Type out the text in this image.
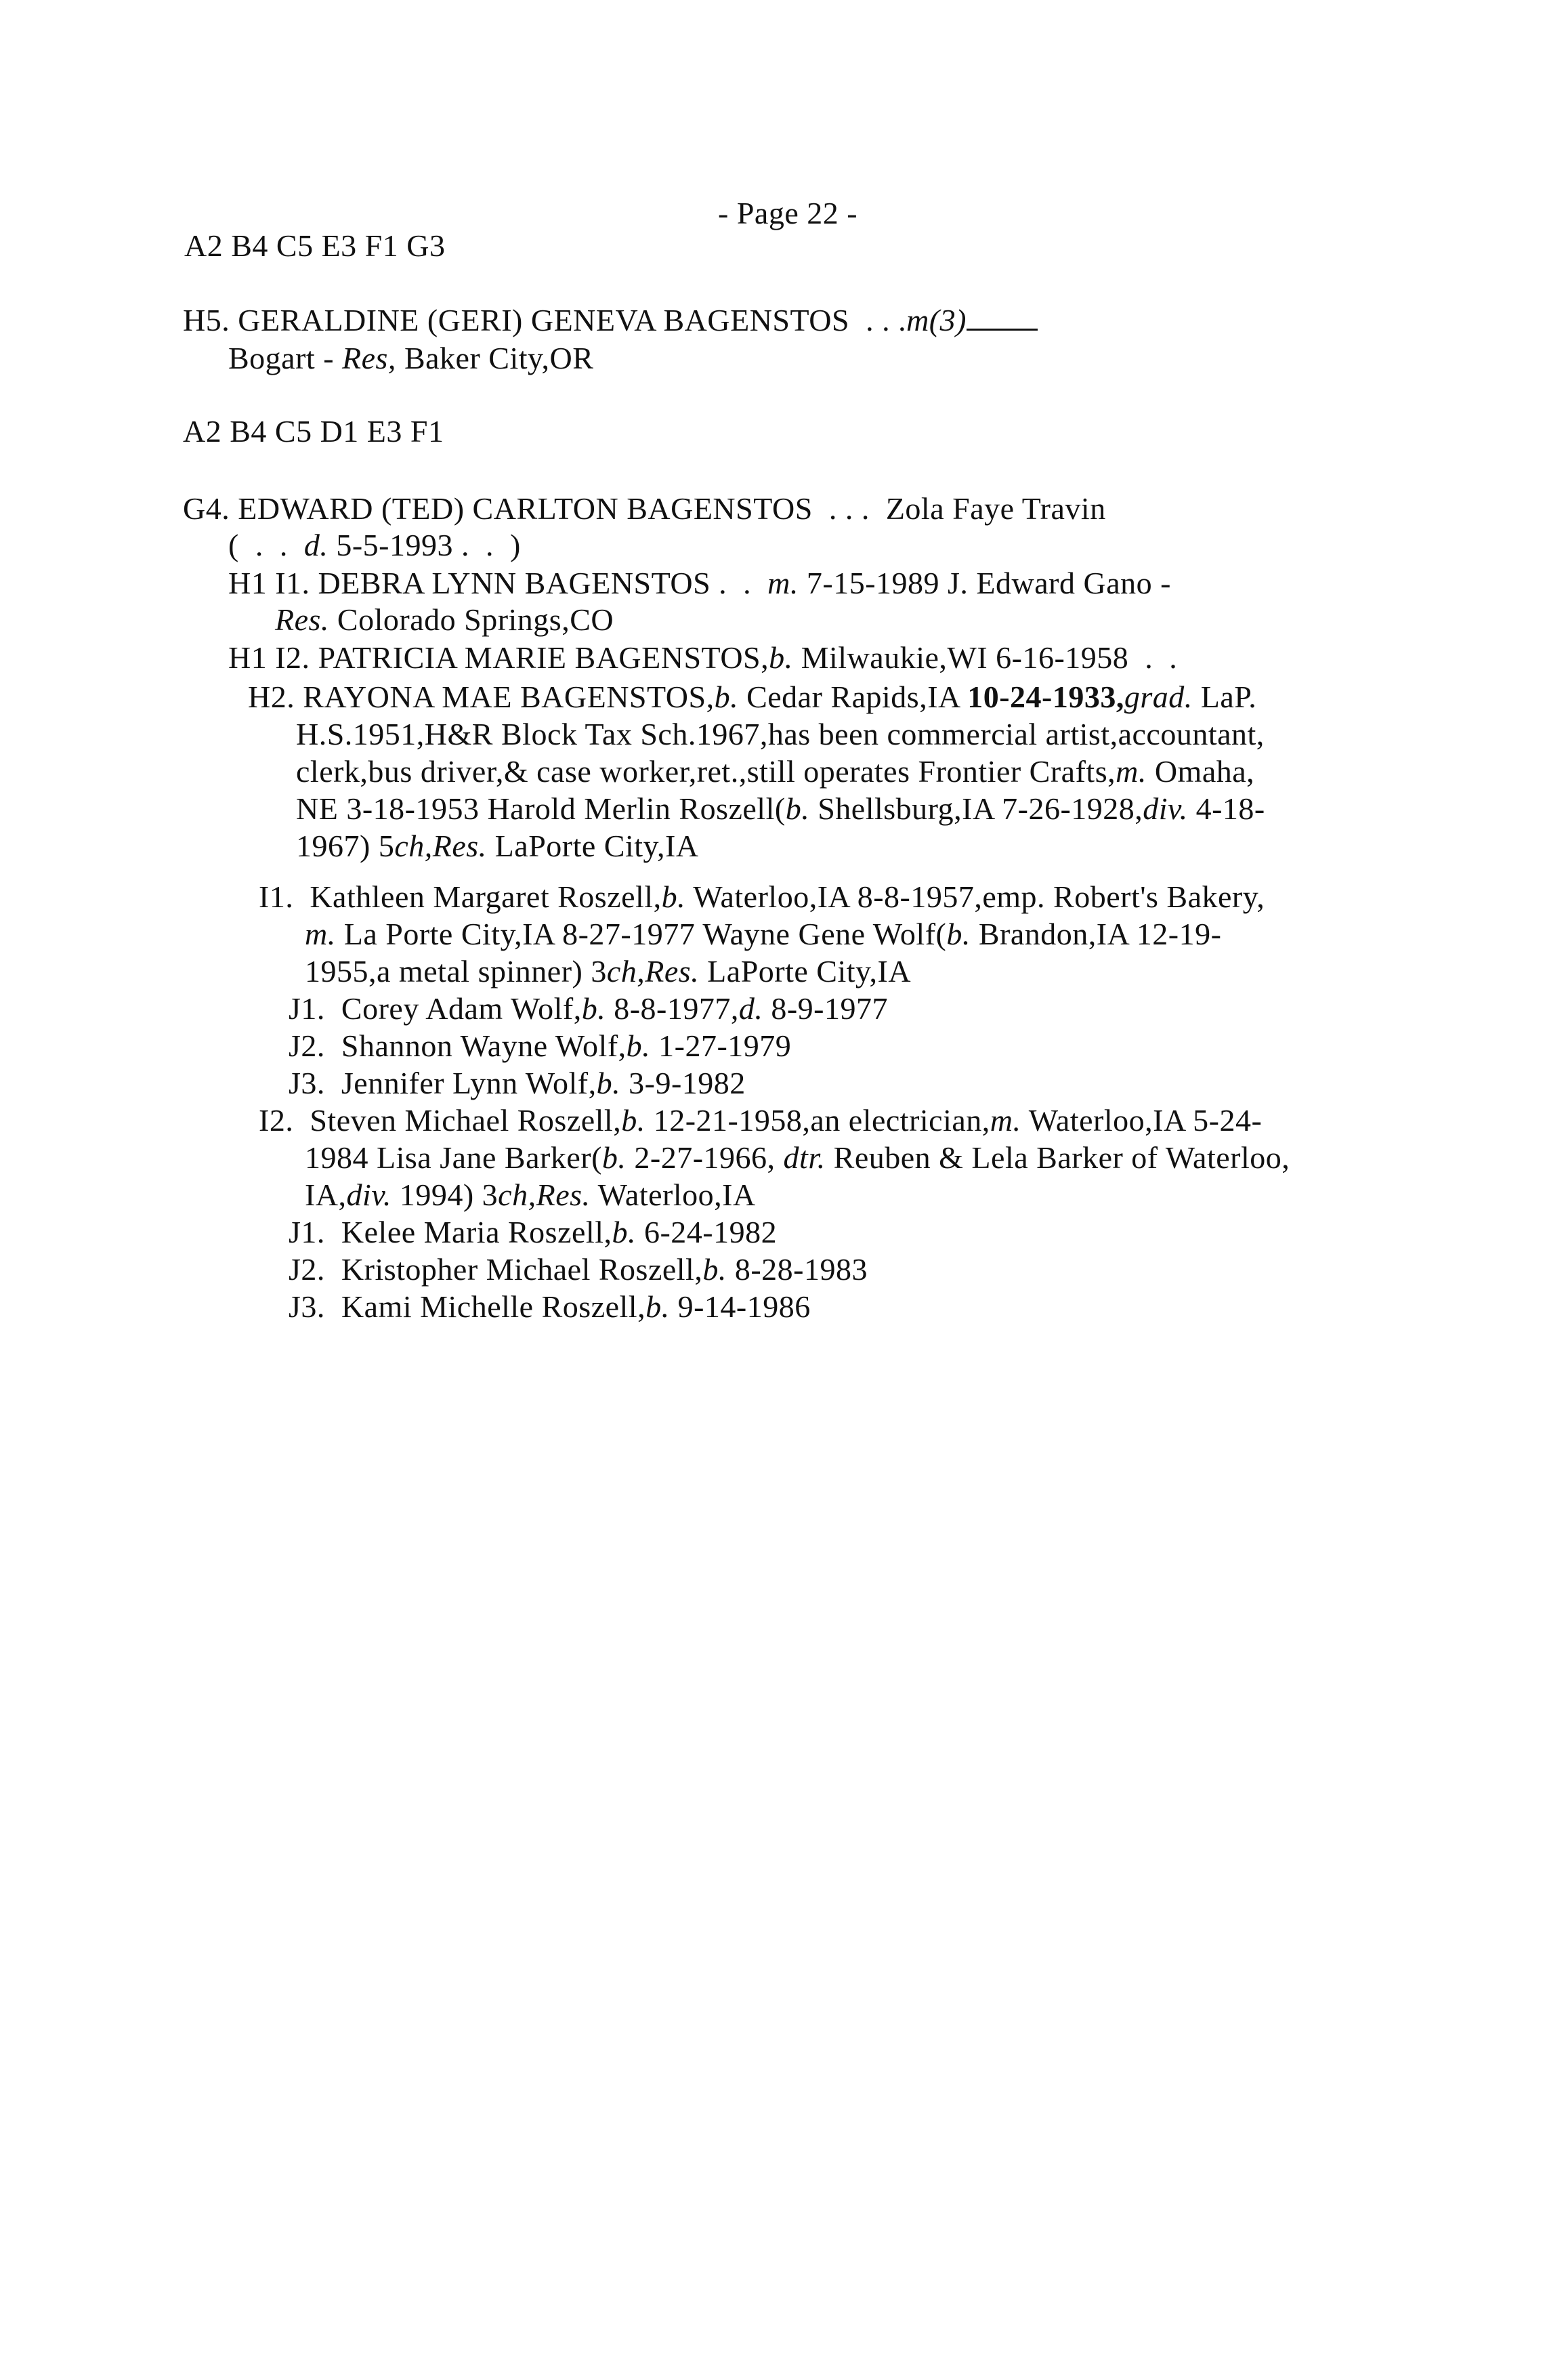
- Page 22 -
A2 B4 C5 E3 F1 G3
H5. GERALDINE (GERI) GENEVA BAGENSTOS . . .m(3)
Bogart - Res, Baker City,OR
A2 B4 C5 D1 E3 F1
G4. EDWARD (TED) CARLTON BAGENSTOS . . . Zola Faye Travin
(  .  . d. 5-5-1993 .  .  )
H1 I1. DEBRA LYNN BAGENSTOS .  . m. 7-15-1989 J. Edward Gano -
Res. Colorado Springs,CO
H1 I2. PATRICIA MARIE BAGENSTOS,b. Milwaukie,WI 6-16-1958  .  .
H2. RAYONA MAE BAGENSTOS,b. Cedar Rapids,IA 10-24-1933,grad. LaP.
H.S.1951,H&R Block Tax Sch.1967,has been commercial artist,accountant,
clerk,bus driver,& case worker,ret.,still operates Frontier Crafts,m. Omaha,
NE 3-18-1953 Harold Merlin Roszell(b. Shellsburg,IA 7-26-1928,div. 4-18-
1967) 5ch,Res. LaPorte City,IA
I1. Kathleen Margaret Roszell,b. Waterloo,IA 8-8-1957,emp. Robert's Bakery,
m. La Porte City,IA 8-27-1977 Wayne Gene Wolf(b. Brandon,IA 12-19-
1955,a metal spinner) 3ch,Res. LaPorte City,IA
J1. Corey Adam Wolf,b. 8-8-1977,d. 8-9-1977
J2. Shannon Wayne Wolf,b. 1-27-1979
J3. Jennifer Lynn Wolf,b. 3-9-1982
I2. Steven Michael Roszell,b. 12-21-1958,an electrician,m. Waterloo,IA 5-24-
1984 Lisa Jane Barker(b. 2-27-1966, dtr. Reuben & Lela Barker of Waterloo,
IA,div. 1994) 3ch,Res. Waterloo,IA
J1. Kelee Maria Roszell,b. 6-24-1982
J2. Kristopher Michael Roszell,b. 8-28-1983
J3. Kami Michelle Roszell,b. 9-14-1986
